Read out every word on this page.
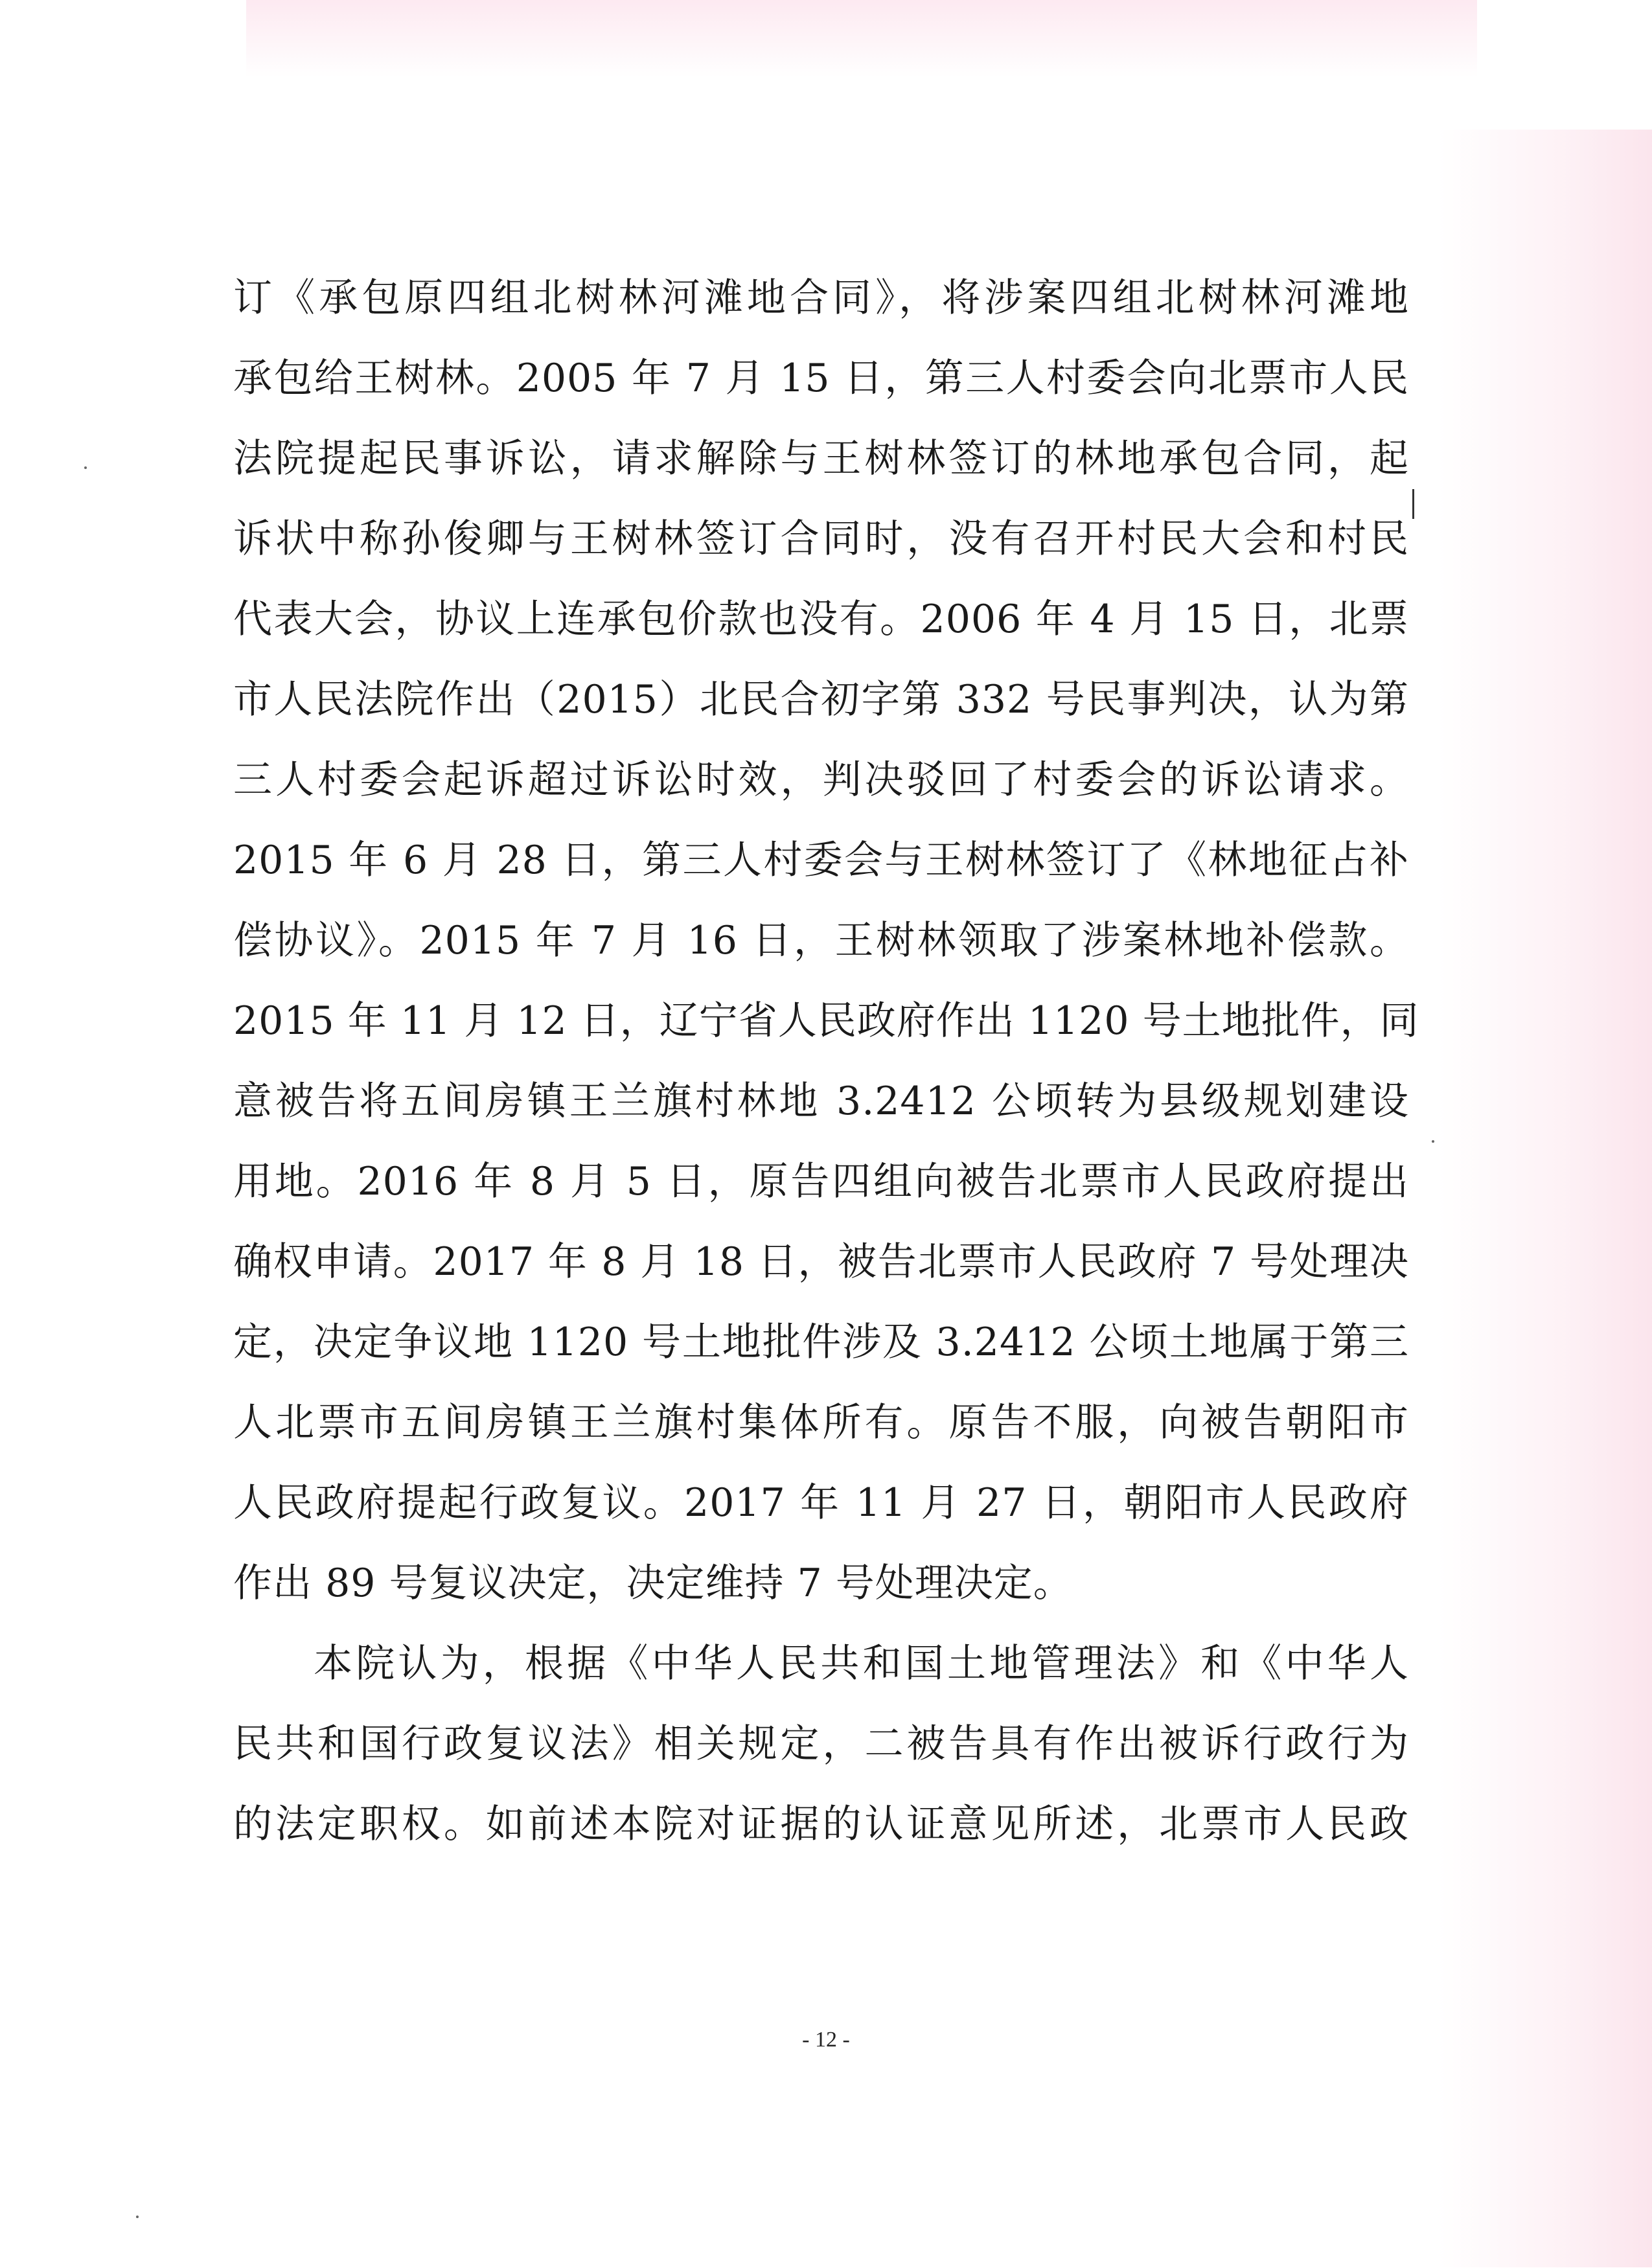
订《承包原四组北树林河滩地合同》，将涉案四组北树林河滩地
承包给王树林。2005 年 7 月 15 日，第三人村委会向北票市人民
法院提起民事诉讼，请求解除与王树林签订的林地承包合同，起
诉状中称孙俊卿与王树林签订合同时，没有召开村民大会和村民
代表大会，协议上连承包价款也没有。2006 年 4 月 15 日，北票
市人民法院作出（2015）北民合初字第 332 号民事判决，认为第
三人村委会起诉超过诉讼时效，判决驳回了村委会的诉讼请求。
2015 年 6 月 28 日，第三人村委会与王树林签订了《林地征占补
偿协议》。2015 年 7 月 16 日，王树林领取了涉案林地补偿款。
2015 年 11 月 12 日，辽宁省人民政府作出 1120 号土地批件，同
意被告将五间房镇王兰旗村林地 3.2412 公顷转为县级规划建设
用地。2016 年 8 月 5 日，原告四组向被告北票市人民政府提出
确权申请。2017 年 8 月 18 日，被告北票市人民政府 7 号处理决
定，决定争议地 1120 号土地批件涉及 3.2412 公顷土地属于第三
人北票市五间房镇王兰旗村集体所有。原告不服，向被告朝阳市
人民政府提起行政复议。2017 年 11 月 27 日，朝阳市人民政府
作出 89 号复议决定，决定维持 7 号处理决定。
本院认为，根据《中华人民共和国土地管理法》和《中华人
民共和国行政复议法》相关规定，二被告具有作出被诉行政行为
的法定职权。如前述本院对证据的认证意见所述，北票市人民政
- 12 -
